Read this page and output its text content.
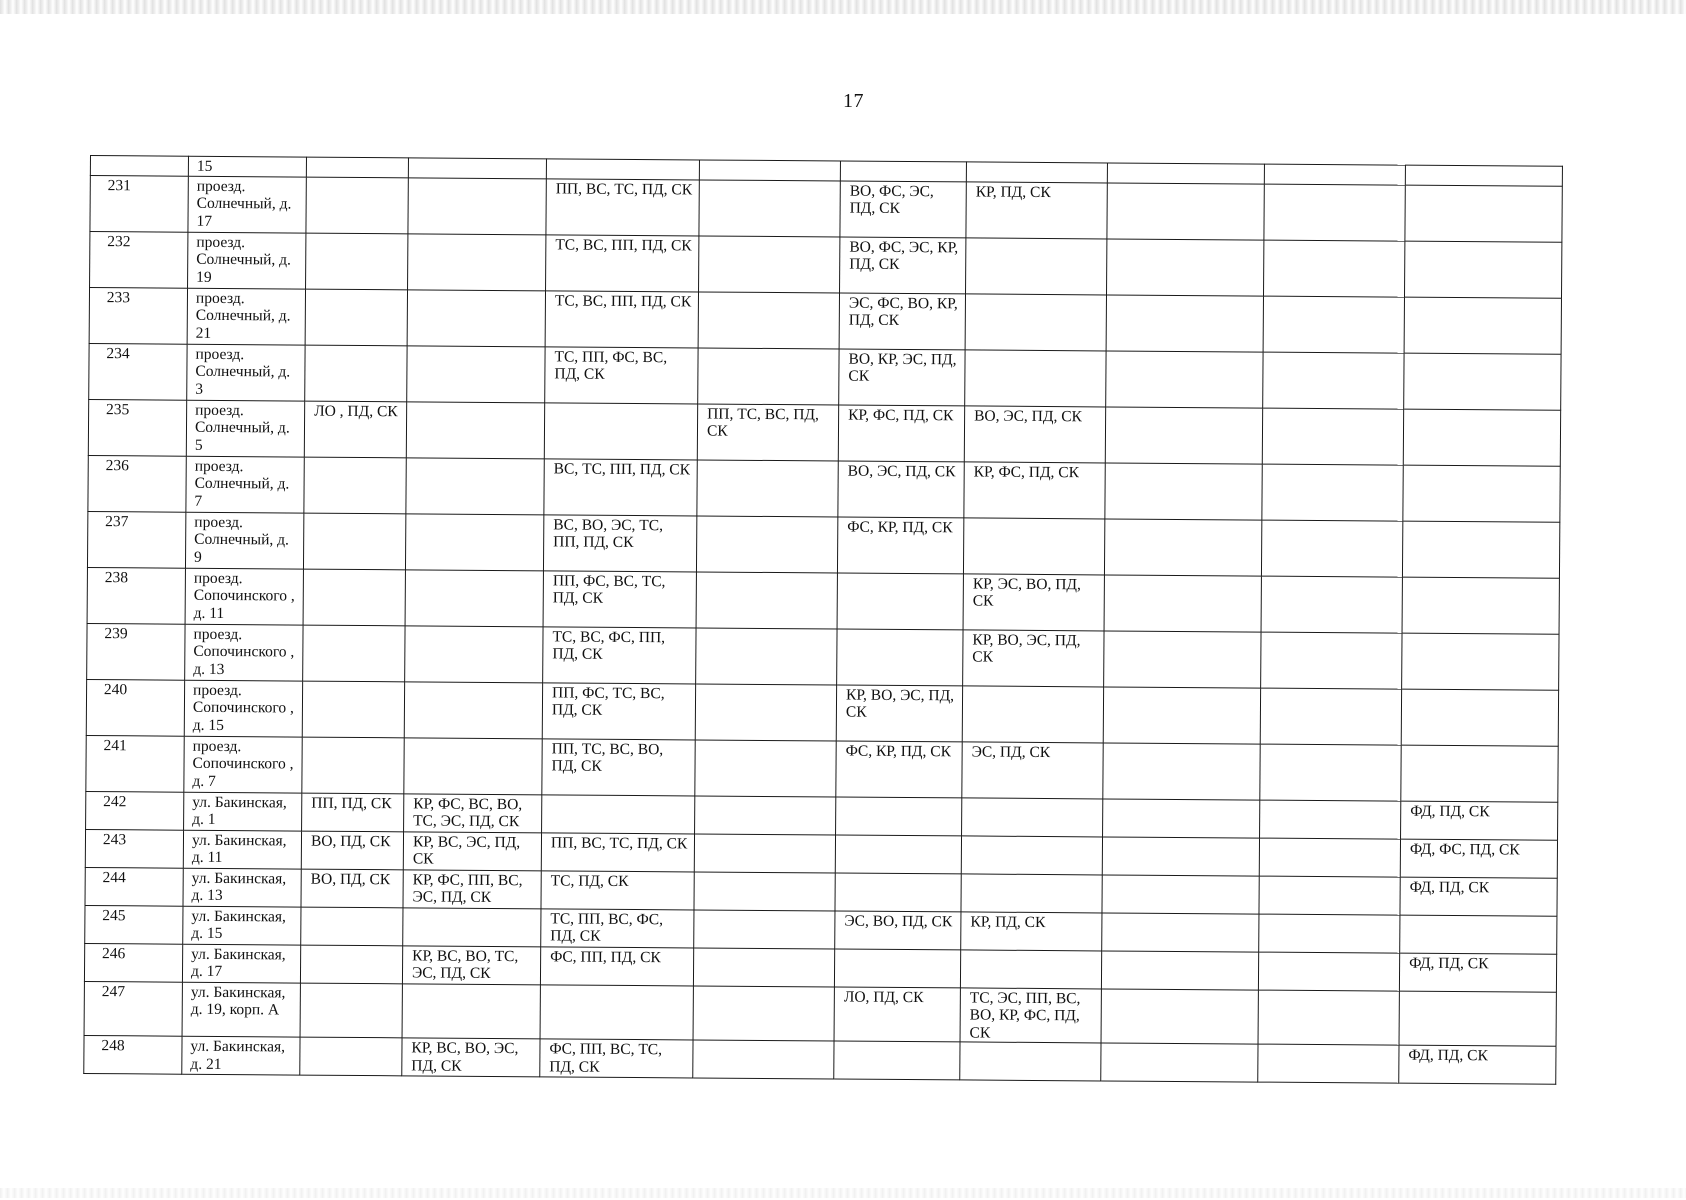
17
	15									
231	проезд. Солнечный, д. 17			ПП, ВС, ТС, ПД, СК		ВО, ФС, ЭС, ПД, СК	КР, ПД, СК			
232	проезд. Солнечный, д. 19			ТС, ВС, ПП, ПД, СК		ВО, ФС, ЭС, КР, ПД, СК				
233	проезд. Солнечный, д. 21			ТС, ВС, ПП, ПД, СК		ЭС, ФС, ВО, КР, ПД, СК				
234	проезд. Солнечный, д. 3			ТС, ПП, ФС, ВС, ПД, СК		ВО, КР, ЭС, ПД, СК				
235	проезд. Солнечный, д. 5	ЛО , ПД, СК			ПП, ТС, ВС, ПД, СК	КР, ФС, ПД, СК	ВО, ЭС, ПД, СК			
236	проезд. Солнечный, д. 7			ВС, ТС, ПП, ПД, СК		ВО, ЭС, ПД, СК	КР, ФС, ПД, СК			
237	проезд. Солнечный, д. 9			ВС, ВО, ЭС, ТС, ПП, ПД, СК		ФС, КР, ПД, СК				
238	проезд. Сопочинского , д. 11			ПП, ФС, ВС, ТС, ПД, СК			КР, ЭС, ВО, ПД, СК			
239	проезд. Сопочинского , д. 13			ТС, ВС, ФС, ПП, ПД, СК			КР, ВО, ЭС, ПД, СК			
240	проезд. Сопочинского , д. 15			ПП, ФС, ТС, ВС, ПД, СК		КР, ВО, ЭС, ПД, СК				
241	проезд. Сопочинского , д. 7			ПП, ТС, ВС, ВО, ПД, СК		ФС, КР, ПД, СК	ЭС, ПД, СК			
242	ул. Бакинская, д. 1	ПП, ПД, СК	КР, ФС, ВС, ВО, ТС, ЭС, ПД, СК							ФД, ПД, СК
243	ул. Бакинская, д. 11	ВО, ПД, СК	КР, ВС, ЭС, ПД, СК	ПП, ВС, ТС, ПД, СК						ФД, ФС, ПД, СК
244	ул. Бакинская, д. 13	ВО, ПД, СК	КР, ФС, ПП, ВС, ЭС, ПД, СК	ТС, ПД, СК						ФД, ПД, СК
245	ул. Бакинская, д. 15			ТС, ПП, ВС, ФС, ПД, СК		ЭС, ВО, ПД, СК	КР, ПД, СК			
246	ул. Бакинская, д. 17		КР, ВС, ВО, ТС, ЭС, ПД, СК	ФС, ПП, ПД, СК						ФД, ПД, СК
247	ул. Бакинская, д. 19, корп. А					ЛО, ПД, СК	ТС, ЭС, ПП, ВС, ВО, КР, ФС, ПД, СК			
248	ул. Бакинская, д. 21		КР, ВС, ВО, ЭС, ПД, СК	ФС, ПП, ВС, ТС, ПД, СК						ФД, ПД, СК
